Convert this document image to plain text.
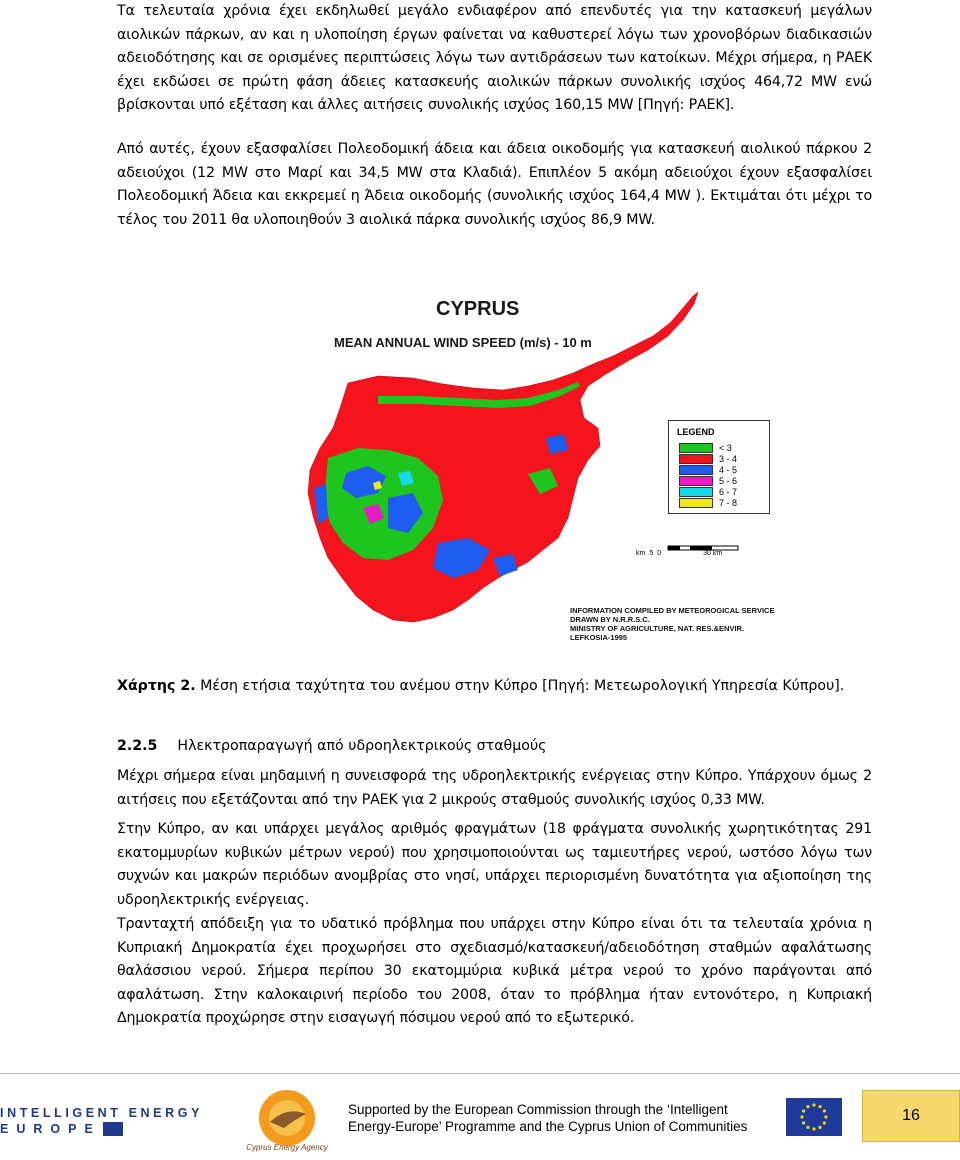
Τα τελευταία χρόνια έχει εκδηλωθεί μεγάλο ενδιαφέρον από επενδυτές για την κατασκευή μεγάλων αιολικών πάρκων, αν και η υλοποίηση έργων φαίνεται να καθυστερεί λόγω των χρονοβόρων διαδικασιών αδειοδότησης και σε ορισμένες περιπτώσεις λόγω των αντιδράσεων των κατοίκων. Μέχρι σήμερα, η ΡΑΕΚ έχει εκδώσει σε πρώτη φάση άδειες κατασκευής αιολικών πάρκων συνολικής ισχύος 464,72 MW ενώ βρίσκονται υπό εξέταση και άλλες αιτήσεις συνολικής ισχύος 160,15 MW [Πηγή: ΡΑΕΚ].

Από αυτές, έχουν εξασφαλίσει Πολεοδομική άδεια και άδεια οικοδομής για κατασκευή αιολικού πάρκου 2 αδειούχοι (12 MW στο Μαρί και 34,5 MW στα Κλαδιά). Επιπλέον 5 ακόμη αδειούχοι έχουν εξασφαλίσει Πολεοδομική Άδεια και εκκρεμεί η Άδεια οικοδομής (συνολικής ισχύος 164,4 MW ). Εκτιμάται ότι μέχρι το τέλος του 2011 θα υλοποιηθούν 3 αιολικά πάρκα συνολικής ισχύος 86,9 MW.

CYPRUS
MEAN ANNUAL WIND SPEED (m/s) - 10 m
km 5 0	30 km
LEGEND
< 3
3 - 4
4 - 5
5 - 6
6 - 7
7 - 8
INFORMATION COMPILED BY METEOROGICAL SERVICE
DRAWN BY N.R.R.S.C.
MINISTRY OF AGRICULTURE, NAT. RES.&ENVIR.
LEFKOSIA-1995
Χάρτης 2. Μέση ετήσια ταχύτητα του ανέμου στην Κύπρο [Πηγή: Μετεωρολογική Υπηρεσία Κύπρου].
2.2.5 Ηλεκτροπαραγωγή από υδροηλεκτρικούς σταθμούς

Μέχρι σήμερα είναι μηδαμινή η συνεισφορά της υδροηλεκτρικής ενέργειας στην Κύπρο. Υπάρχουν όμως 2 αιτήσεις που εξετάζονται από την ΡΑΕΚ για 2 μικρούς σταθμούς συνολικής ισχύος 0,33 MW.

Στην Κύπρο, αν και υπάρχει μεγάλος αριθμός φραγμάτων (18 φράγματα συνολικής χωρητικότητας 291 εκατομμυρίων κυβικών μέτρων νερού) που χρησιμοποιούνται ως ταμιευτήρες νερού, ωστόσο λόγω των συχνών και μακρών περιόδων ανομβρίας στο νησί, υπάρχει περιορισμένη δυνατότητα για αξιοποίηση της υδροηλεκτρικής ενέργειας.

Τρανταχτή απόδειξη για το υδατικό πρόβλημα που υπάρχει στην Κύπρο είναι ότι τα τελευταία χρόνια η Κυπριακή Δημοκρατία έχει προχωρήσει στο σχεδιασμό/κατασκευή/αδειοδότηση σταθμών αφαλάτωσης θαλάσσιου νερού. Σήμερα περίπου 30 εκατομμύρια κυβικά μέτρα νερού το χρόνο παράγονται από αφαλάτωση. Στην καλοκαιρινή περίοδο του 2008, όταν το πρόβλημα ήταν εντονότερο, η Κυπριακή Δημοκρατία προχώρησε στην εισαγωγή πόσιμου νερού από το εξωτερικό.

INTELLIGENT ENERGY
EUROPE
Cyprus Energy Agency
Supported by the European Commission through the ‘Intelligent
Energy-Europe’ Programme and the Cyprus Union of Communities
16
